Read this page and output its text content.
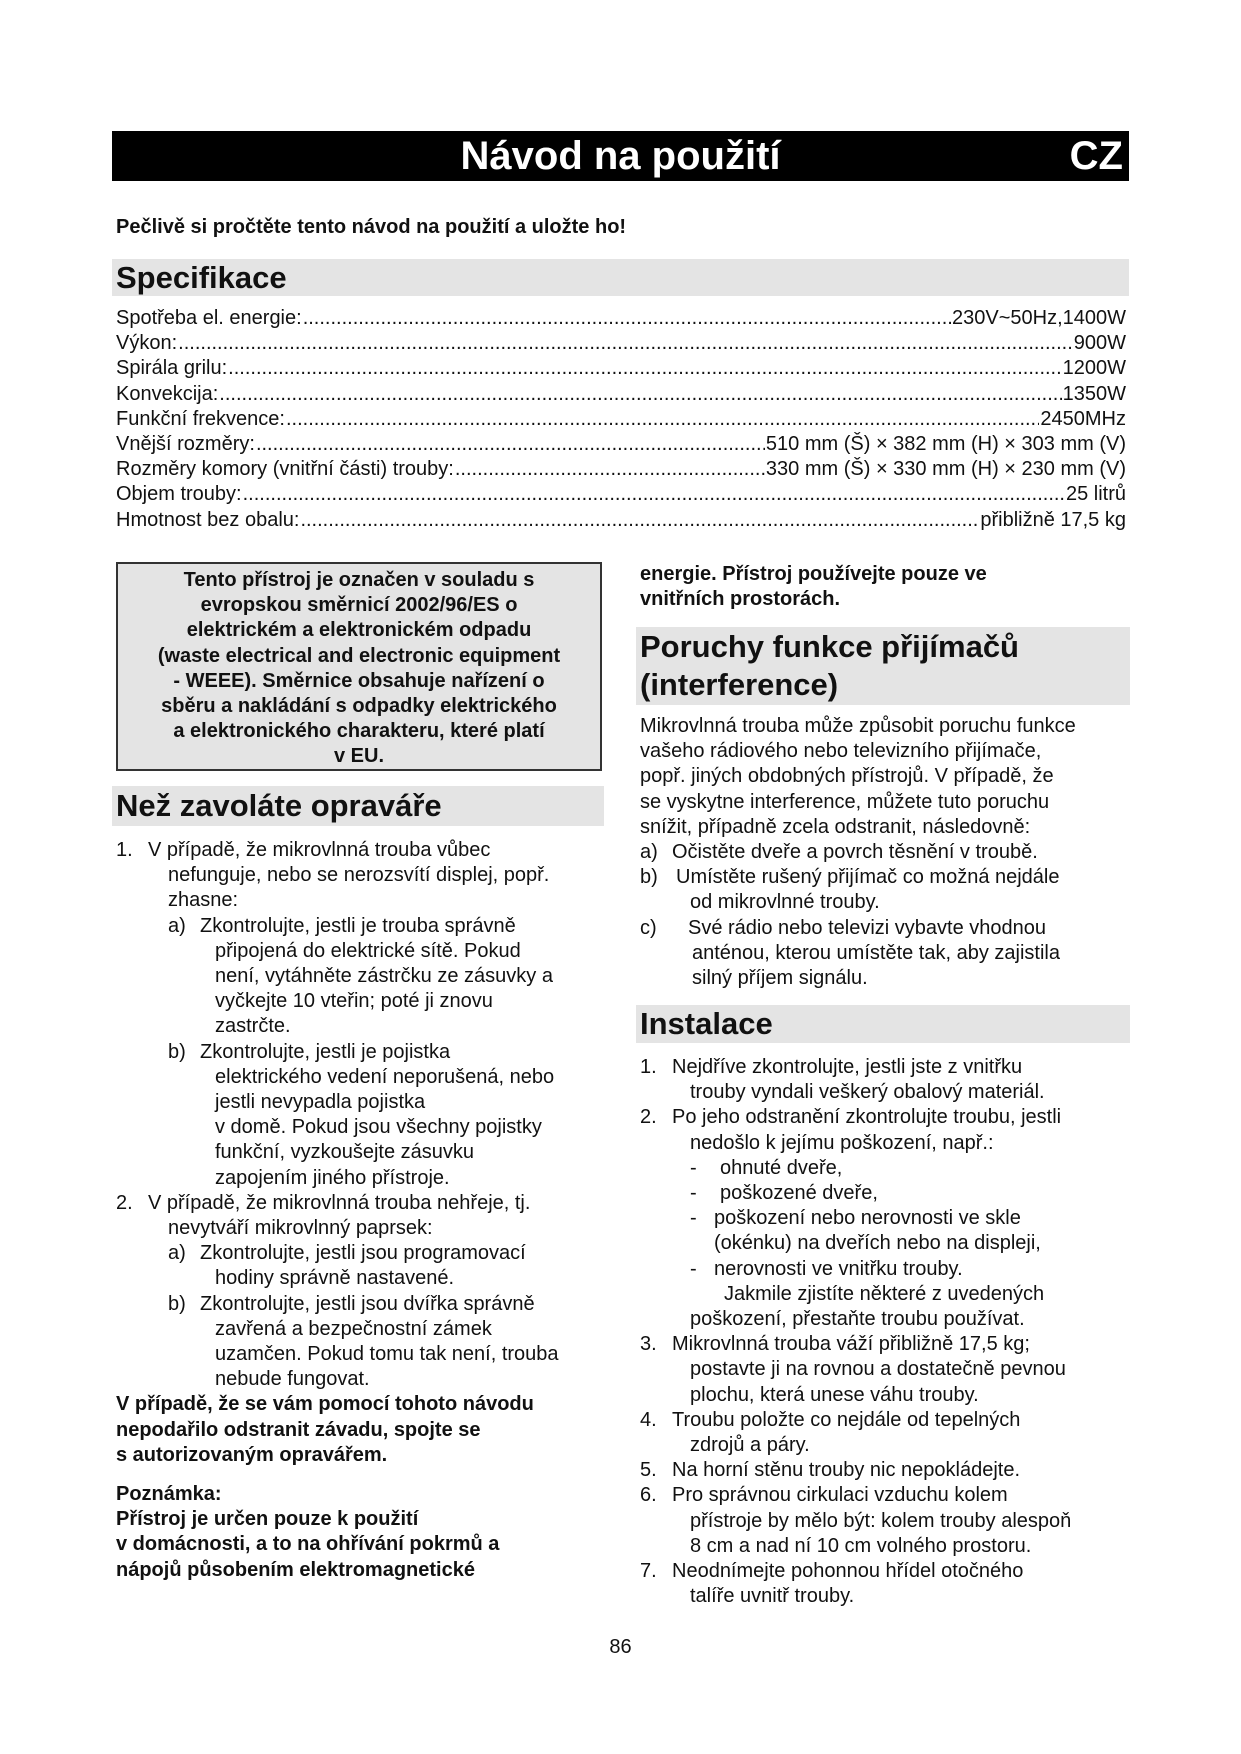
Návod na použití	CZ
Pečlivě si pročtěte tento návod na použití a uložte ho!
Specifikace
Spotřeba el. energie: .....	230V~50Hz,1400W
Výkon: .....	900W
Spirála grilu: .....	1200W
Konvekcija: .....	1350W
Funkční frekvence: .....	2450MHz
Vnější rozměry: .....	510 mm (Š) × 382 mm (H) × 303 mm (V)
Rozměry komory (vnitřní části) trouby: .....	330 mm (Š) × 330 mm (H) × 230 mm (V)
Objem trouby: .....	25 litrů
Hmotnost bez obalu: .....	přibližně 17,5 kg
Tento přístroj je označen v souladu s
evropskou směrnicí 2002/96/ES o
elektrickém a elektronickém odpadu
(waste electrical and electronic equipment
- WEEE). Směrnice obsahuje nařízení o
sběru a nakládání s odpadky elektrického
a elektronického charakteru, které platí
v EU.
Než zavoláte opraváře
1. V případě, že mikrovlnná trouba vůbec
nefunguje, nebo se nerozsvítí displej, popř.
zhasne:
a) Zkontrolujte, jestli je trouba správně
připojená do elektrické sítě. Pokud
není, vytáhněte zástrčku ze zásuvky a
vyčkejte 10 vteřin; poté ji znovu
zastrčte.
b) Zkontrolujte, jestli je pojistka
elektrického vedení neporušená, nebo
jestli nevypadla pojistka
v domě. Pokud jsou všechny pojistky
funkční, vyzkoušejte zásuvku
zapojením jiného přístroje.
2. V případě, že mikrovlnná trouba nehřeje, tj.
nevytváří mikrovlnný paprsek:
a) Zkontrolujte, jestli jsou programovací
hodiny správně nastavené.
b) Zkontrolujte, jestli jsou dvířka správně
zavřená a bezpečnostní zámek
uzamčen. Pokud tomu tak není, trouba
nebude fungovat.
V případě, že se vám pomocí tohoto návodu
nepodařilo odstranit závadu, spojte se
s autorizovaným opravářem.
Poznámka:
Přístroj je určen pouze k použití
v domácnosti, a to na ohřívání pokrmů a
nápojů působením elektromagnetické
energie. Přístroj používejte pouze ve
vnitřních prostorách.
Poruchy funkce přijímačů
(interference)
Mikrovlnná trouba může způsobit poruchu funkce
vašeho rádiového nebo televizního přijímače,
popř. jiných obdobných přístrojů. V případě, že
se vyskytne interference, můžete tuto poruchu
snížit, případně zcela odstranit, následovně:
a) Očistěte dveře a povrch těsnění v troubě.
b) Umístěte rušený přijímač co možná nejdále
od mikrovlnné trouby.
c) Své rádio nebo televizi vybavte vhodnou
anténou, kterou umístěte tak, aby zajistila
silný příjem signálu.
Instalace
1. Nejdříve zkontrolujte, jestli jste z vnitřku
trouby vyndali veškerý obalový materiál.
2. Po jeho odstranění zkontrolujte troubu, jestli
nedošlo k jejímu poškození, např.:
- ohnuté dveře,
- poškozené dveře,
- poškození nebo nerovnosti ve skle
(okénku) na dveřích nebo na displeji,
- nerovnosti ve vnitřku trouby.
Jakmile zjistíte některé z uvedených
poškození, přestaňte troubu používat.
3. Mikrovlnná trouba váží přibližně 17,5 kg;
postavte ji na rovnou a dostatečně pevnou
plochu, která unese váhu trouby.
4. Troubu položte co nejdále od tepelných
zdrojů a páry.
5. Na horní stěnu trouby nic nepokládejte.
6. Pro správnou cirkulaci vzduchu kolem
přístroje by mělo být: kolem trouby alespoň
8 cm a nad ní 10 cm volného prostoru.
7. Neodnímejte pohonnou hřídel otočného
talíře uvnitř trouby.
86
